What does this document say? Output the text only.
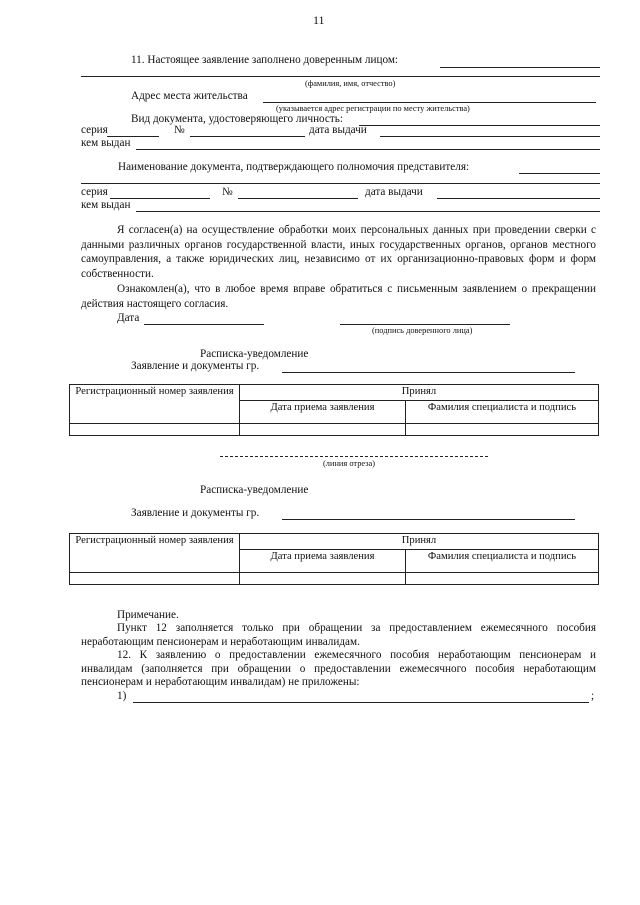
11
11. Настоящее заявление заполнено доверенным лицом:
(фамилия, имя, отчество)
Адрес места жительства
(указывается адрес регистрации по месту жительства)
Вид документа, удостоверяющего личность:
серия	№	дата выдачи
кем выдан
Наименование документа, подтверждающего полномочия представителя:
серия	№	дата выдачи
кем выдан
Я согласен(а) на осуществление обработки моих персональных данных при проведении сверки с данными различных органов государственной власти, иных государственных органов, органов местного самоуправления, а также юридических лиц, независимо от их организационно-правовых форм и форм собственности.
Ознакомлен(а), что в любое время вправе обратиться с письменным заявлением о прекращении действия настоящего согласия.
Дата
(подпись доверенного лица)
Расписка-уведомление
Заявление и документы гр.
Регистрационный номер заявления	Принял	
	Дата приема заявления	Фамилия специалиста и подпись

(линия отреза)
Расписка-уведомление
Заявление и документы гр.
Регистрационный номер заявления	Принял	
	Дата приема заявления	Фамилия специалиста и подпись

Примечание.
Пункт 12 заполняется только при обращении за предоставлением ежемесячного пособия неработающим пенсионерам и неработающим инвалидам.
12. К заявлению о предоставлении ежемесячного пособия неработающим пенсионерам и инвалидам (заполняется при обращении о предоставлении ежемесячного пособия неработающим пенсионерам и неработающим инвалидам) не приложены:
1)	;
